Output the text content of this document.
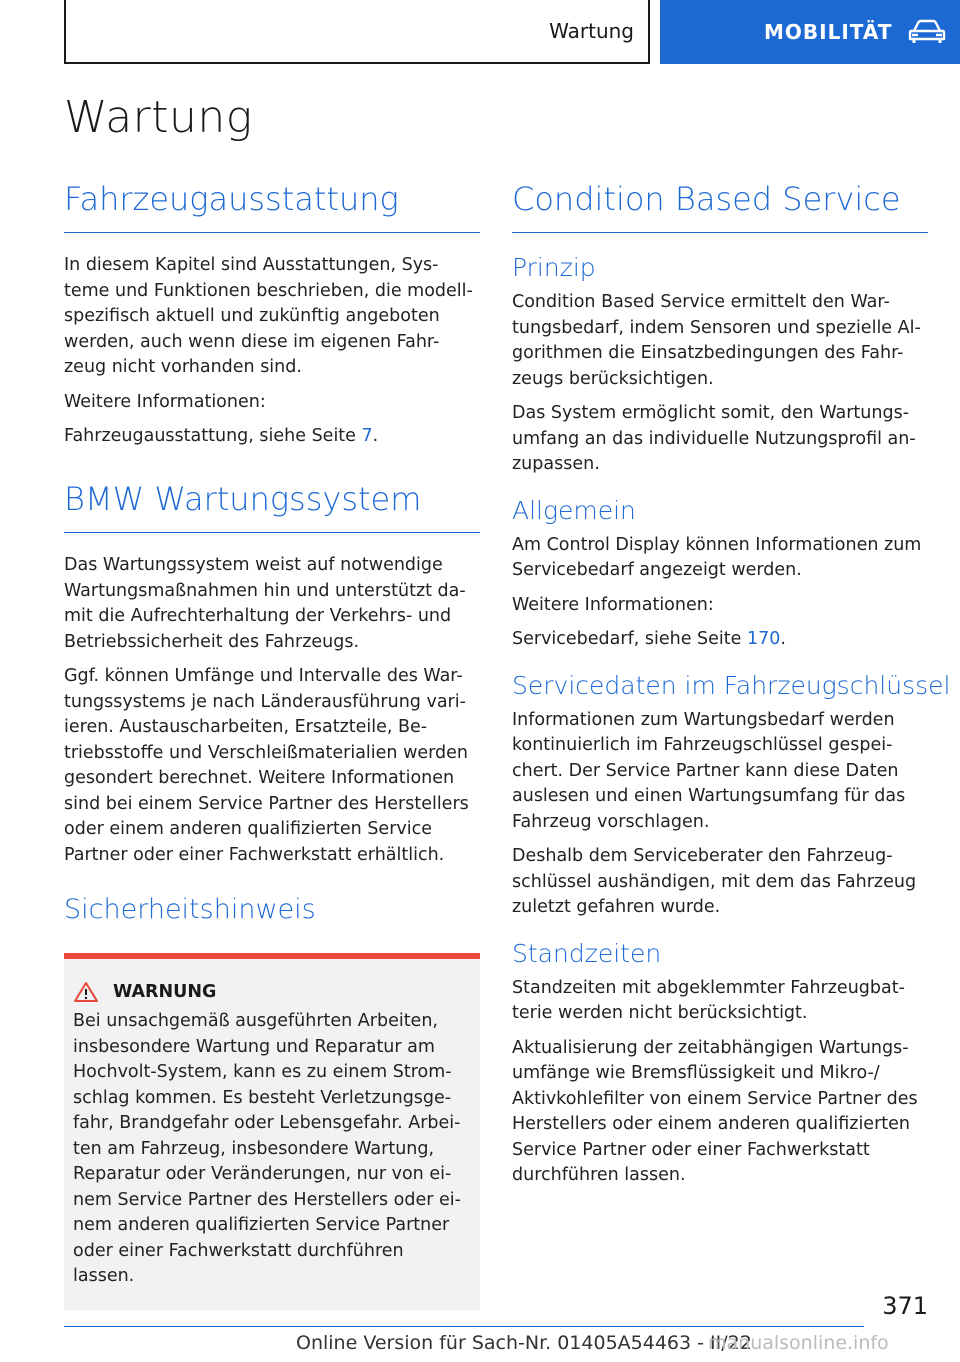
Wartung	MOBILITÄT
Wartung
Fahrzeugausstattung

In diesem Kapitel sind Ausstattungen, Sys-teme und Funktionen beschrieben, die modell-spezifisch aktuell und zukünftig angeboten werden, auch wenn diese im eigenen Fahr-zeug nicht vorhanden sind.

Weitere Informationen:

Fahrzeugausstattung, siehe Seite 7.

BMW Wartungssystem

Das Wartungssystem weist auf notwendige Wartungsmaßnahmen hin und unterstützt da-mit die Aufrechterhaltung der Verkehrs- und Betriebssicherheit des Fahrzeugs.

Ggf. können Umfänge und Intervalle des War-tungssystems je nach Länderausführung vari-ieren. Austauscharbeiten, Ersatzteile, Be-triebsstoffe und Verschleißmaterialien werden gesondert berechnet. Weitere Informationen sind bei einem Service Partner des Herstellers oder einem anderen qualifizierten Service Partner oder einer Fachwerkstatt erhältlich.

Sicherheitshinweis
WARNUNG

Bei unsachgemäß ausgeführten Arbeiten, insbesondere Wartung und Reparatur am Hochvolt-System, kann es zu einem Strom-schlag kommen. Es besteht Verletzungsge-fahr, Brandgefahr oder Lebensgefahr. Arbei-ten am Fahrzeug, insbesondere Wartung, Reparatur oder Veränderungen, nur von ei-nem Service Partner des Herstellers oder ei-nem anderen qualifizierten Service Partner oder einer Fachwerkstatt durchführen lassen.

Condition Based Service
Prinzip

Condition Based Service ermittelt den War-tungsbedarf, indem Sensoren und spezielle Al-gorithmen die Einsatzbedingungen des Fahr-zeugs berücksichtigen.

Das System ermöglicht somit, den Wartungs-umfang an das individuelle Nutzungsprofil an-zupassen.

Allgemein

Am Control Display können Informationen zum Servicebedarf angezeigt werden.

Weitere Informationen:

Servicebedarf, siehe Seite 170.

Servicedaten im Fahrzeugschlüssel

Informationen zum Wartungsbedarf werden kontinuierlich im Fahrzeugschlüssel gespei-chert. Der Service Partner kann diese Daten auslesen und einen Wartungsumfang für das Fahrzeug vorschlagen.

Deshalb dem Serviceberater den Fahrzeug-schlüssel aushändigen, mit dem das Fahrzeug zuletzt gefahren wurde.

Standzeiten

Standzeiten mit abgeklemmter Fahrzeugbat-terie werden nicht berücksichtigt.

Aktualisierung der zeitabhängigen Wartungs-umfänge wie Bremsflüssigkeit und Mikro-/ Aktivkohlefilter von einem Service Partner des Herstellers oder einem anderen qualifizierten Service Partner oder einer Fachwerkstatt durchführen lassen.

371
Online Version für Sach-Nr. 01405A54463 - II/22
manualsonline.info
